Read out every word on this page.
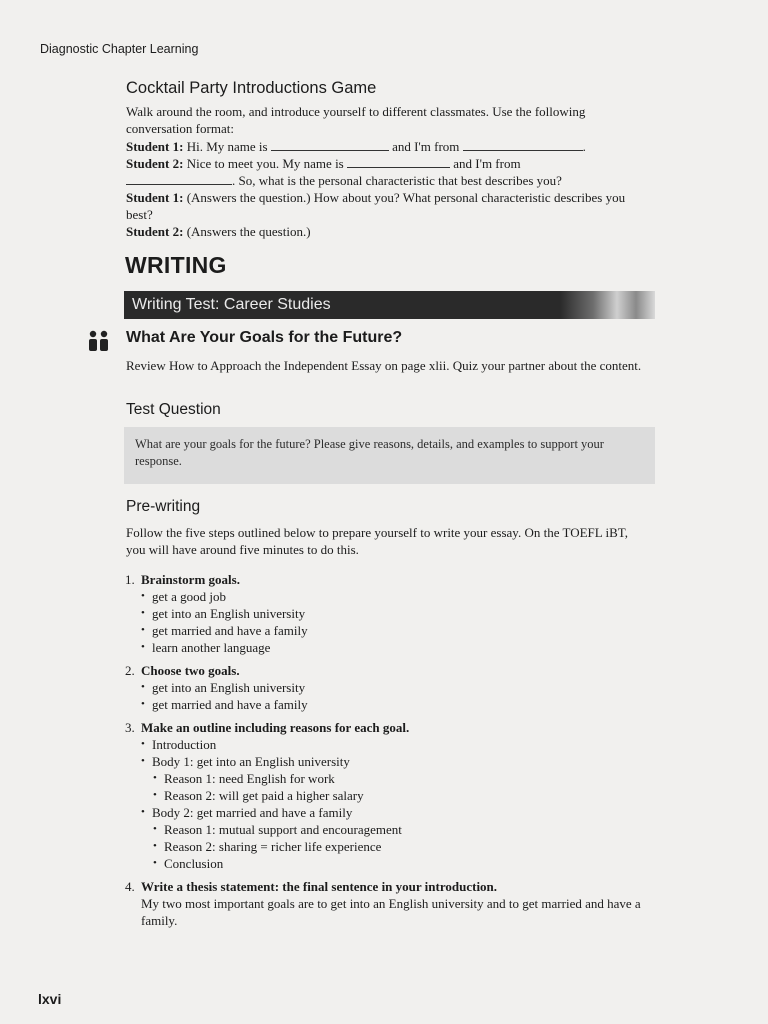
Diagnostic Chapter Learning
Cocktail Party Introductions Game
Walk around the room, and introduce yourself to different classmates. Use the following conversation format:
Student 1: Hi. My name is	and I'm from	.
Student 2: Nice to meet you. My name is	and I'm from
. So, what is the personal characteristic that best describes you?
Student 1: (Answers the question.) How about you? What personal characteristic describes you best?
Student 2: (Answers the question.)
WRITING
Writing Test: Career Studies
What Are Your Goals for the Future?
Review How to Approach the Independent Essay on page xlii. Quiz your partner about the content.
Test Question
What are your goals for the future? Please give reasons, details, and examples to support your response.
Pre-writing
Follow the five steps outlined below to prepare yourself to write your essay. On the TOEFL iBT, you will have around five minutes to do this.
1. Brainstorm goals.
• get a good job
• get into an English university
• get married and have a family
• learn another language
2. Choose two goals.
• get into an English university
• get married and have a family
3. Make an outline including reasons for each goal.
• Introduction
• Body 1: get into an English university
• Reason 1: need English for work
• Reason 2: will get paid a higher salary
• Body 2: get married and have a family
• Reason 1: mutual support and encouragement
• Reason 2: sharing = richer life experience
• Conclusion
4. Write a thesis statement: the final sentence in your introduction.
My two most important goals are to get into an English university and to get married and have a family.
lxvi
